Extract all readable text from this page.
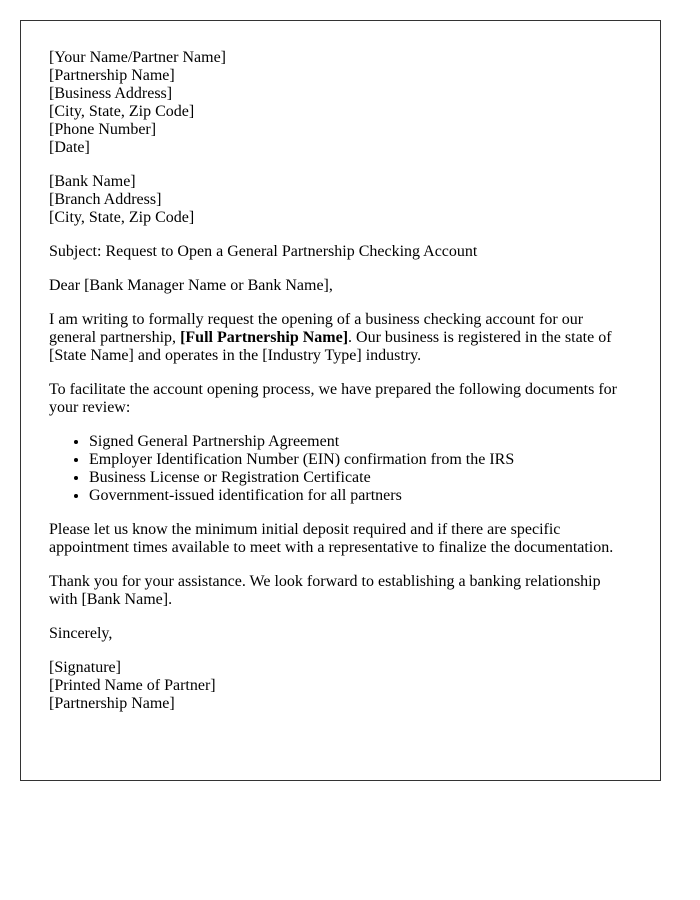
[Your Name/Partner Name]
[Partnership Name]
[Business Address]
[City, State, Zip Code]
[Phone Number]
[Date]

[Bank Name]
[Branch Address]
[City, State, Zip Code]

Subject: Request to Open a General Partnership Checking Account

Dear [Bank Manager Name or Bank Name],

I am writing to formally request the opening of a business checking account for our general partnership, [Full Partnership Name]. Our business is registered in the state of [State Name] and operates in the [Industry Type] industry.

To facilitate the account opening process, we have prepared the following documents for your review:

• Signed General Partnership Agreement
• Employer Identification Number (EIN) confirmation from the IRS
• Business License or Registration Certificate
• Government-issued identification for all partners

Please let us know the minimum initial deposit required and if there are specific appointment times available to meet with a representative to finalize the documentation.

Thank you for your assistance. We look forward to establishing a banking relationship with [Bank Name].

Sincerely,

[Signature]
[Printed Name of Partner]
[Partnership Name]
